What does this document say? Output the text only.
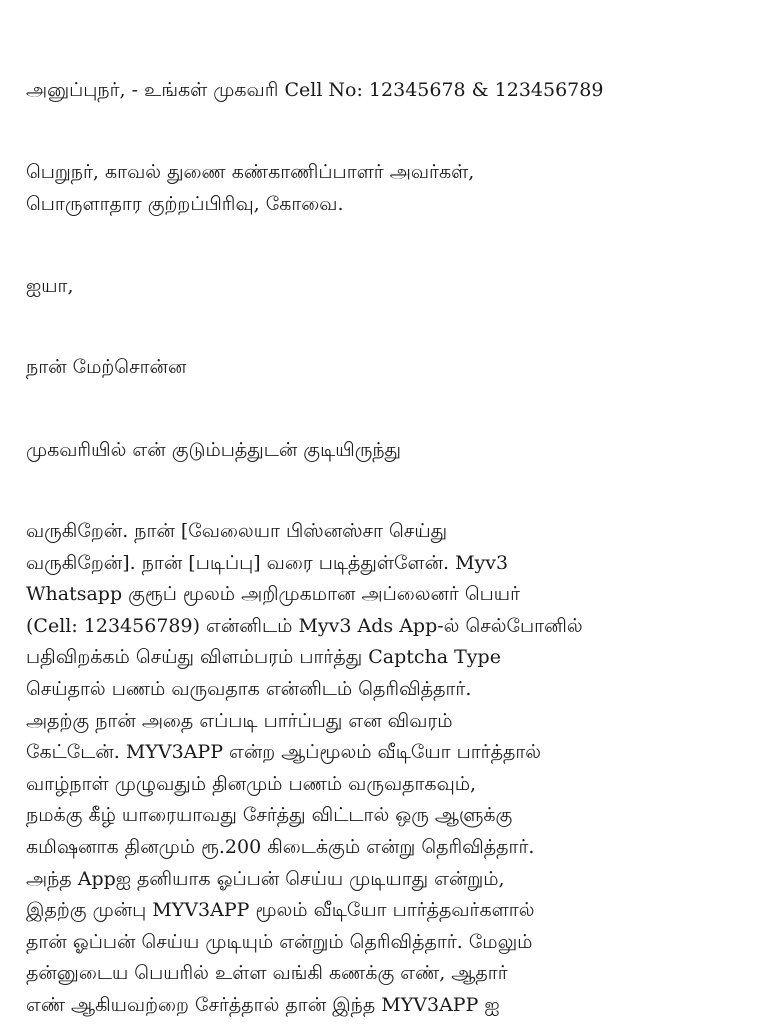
அனுப்புநர், - உங்கள் முகவரி Cell No: 12345678 & 123456789
பெறுநர், காவல் துணை கண்காணிப்பாளர் அவர்கள்,
பொருளாதார குற்றப்பிரிவு, கோவை.
ஐயா,
நான் மேற்சொன்ன
முகவரியில் என் குடும்பத்துடன் குடியிருந்து
வருகிறேன். நான் [வேலையா பிஸ்னஸ்சா செய்து
வருகிறேன்]. நான் [படிப்பு] வரை படித்துள்ளேன். Myv3
Whatsapp குரூப் மூலம் அறிமுகமான அப்லைனர் பெயர்
(Cell: 123456789) என்னிடம் Myv3 Ads App-ல் செல்போனில்
பதிவிறக்கம் செய்து விளம்பரம் பார்த்து Captcha Type
செய்தால் பணம் வருவதாக என்னிடம் தெரிவித்தார்.
அதற்கு நான் அதை எப்படி பார்ப்பது என விவரம்
கேட்டேன். MYV3APP என்ற ஆப்மூலம் வீடியோ பார்த்தால்
வாழ்நாள் முழுவதும் தினமும் பணம் வருவதாகவும்,
நமக்கு கீழ் யாரையாவது சேர்த்து விட்டால் ஒரு ஆளுக்கு
கமிஷனாக தினமும் ரூ.200 கிடைக்கும் என்று தெரிவித்தார்.
அந்த Appஐ தனியாக ஓப்பன் செய்ய முடியாது என்றும்,
இதற்கு முன்பு MYV3APP மூலம் வீடியோ பார்த்தவர்களால்
தான் ஓப்பன் செய்ய முடியும் என்றும் தெரிவித்தார். மேலும்
தன்னுடைய பெயரில் உள்ள வங்கி கணக்கு எண், ஆதார்
எண் ஆகியவற்றை சேர்த்தால் தான் இந்த MYV3APP ஐ
